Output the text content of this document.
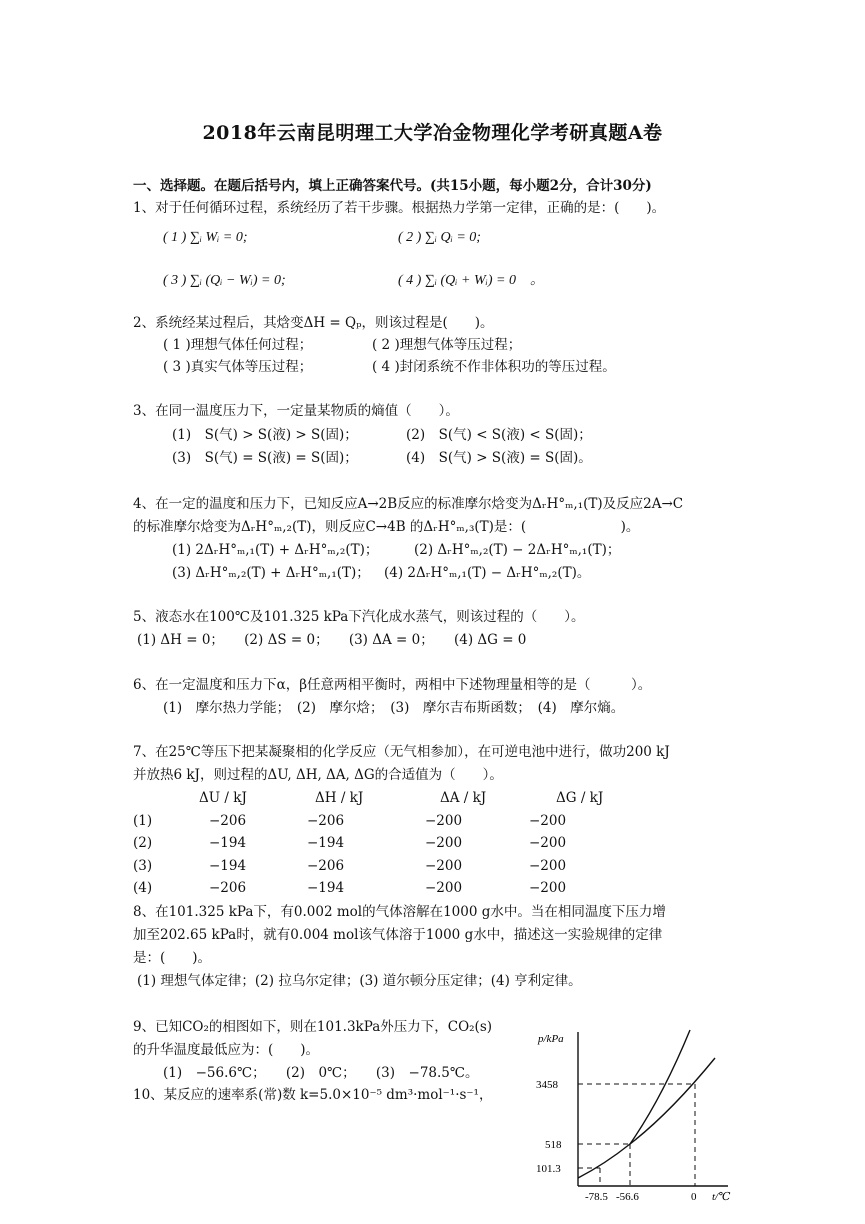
2018年云南昆明理工大学冶金物理化学考研真题A卷
一、选择题。在题后括号内，填上正确答案代号。(共15小题，每小题2分，合计30分)
1、对于任何循环过程，系统经历了若干步骤。根据热力学第一定律，正确的是：(　　)。
( 1 ) ∑ᵢ Wᵢ = 0;	( 2 ) ∑ᵢ Qᵢ = 0;
( 3 ) ∑ᵢ (Qᵢ − Wᵢ) = 0;	( 4 ) ∑ᵢ (Qᵢ + Wᵢ) = 0　。
2、系统经某过程后，其焓变ΔH = Qₚ，则该过程是(　　)。
( 1 )理想气体任何过程；	( 2 )理想气体等压过程；
( 3 )真实气体等压过程；	( 4 )封闭系统不作非体积功的等压过程。
3、在同一温度压力下，一定量某物质的熵值（　　）。
(1)　S(气) > S(液) > S(固)；	(2)　S(气) < S(液) < S(固)；
(3)　S(气) = S(液) = S(固)；	(4)　S(气) > S(液) = S(固)。
4、在一定的温度和压力下，已知反应A→2B反应的标准摩尔焓变为ΔᵣH°ₘ,₁(T)及反应2A→C
的标准摩尔焓变为ΔᵣH°ₘ,₂(T)，则反应C→4B 的ΔᵣH°ₘ,₃(T)是：(　　　　　　　)。
(1) 2ΔᵣH°ₘ,₁(T) + ΔᵣH°ₘ,₂(T)；	(2) ΔᵣH°ₘ,₂(T) − 2ΔᵣH°ₘ,₁(T)；
(3) ΔᵣH°ₘ,₂(T) + ΔᵣH°ₘ,₁(T)； (4) 2ΔᵣH°ₘ,₁(T) − ΔᵣH°ₘ,₂(T)。
5、液态水在100℃及101.325 kPa下汽化成水蒸气，则该过程的（　　）。
(1) ΔH = 0；　　(2) ΔS = 0；　　(3) ΔA = 0；　　(4) ΔG = 0
6、在一定温度和压力下α，β任意两相平衡时，两相中下述物理量相等的是（　　　）。
(1)　摩尔热力学能；　(2)　摩尔焓；　(3)　摩尔吉布斯函数；　(4)　摩尔熵。
7、在25℃等压下把某凝聚相的化学反应（无气相参加），在可逆电池中进行，做功200 kJ
并放热6 kJ，则过程的ΔU, ΔH, ΔA, ΔG的合适值为（　　）。
ΔU / kJ	ΔH / kJ	ΔA / kJ	ΔG / kJ
(1)	−206	−206	−200	−200
(2)	−194	−194	−200	−200
(3)	−194	−206	−200	−200
(4)	−206	−194	−200	−200
8、在101.325 kPa下，有0.002 mol的气体溶解在1000 g水中。当在相同温度下压力增
加至202.65 kPa时，就有0.004 mol该气体溶于1000 g水中，描述这一实验规律的定律
是：(　　)。
(1) 理想气体定律；(2) 拉乌尔定律；(3) 道尔顿分压定律；(4) 亨利定律。
9、已知CO₂的相图如下，则在101.3kPa外压力下，CO₂(s)
的升华温度最低应为：(　　)。
(1)　−56.6℃；　　(2)　0℃；　　(3)　−78.5℃。
10、某反应的速率系(常)数 k=5.0×10⁻⁵ dm³·mol⁻¹·s⁻¹，
p/kPa
t/℃
3458
518
101.3
-78.5 -56.6	0
